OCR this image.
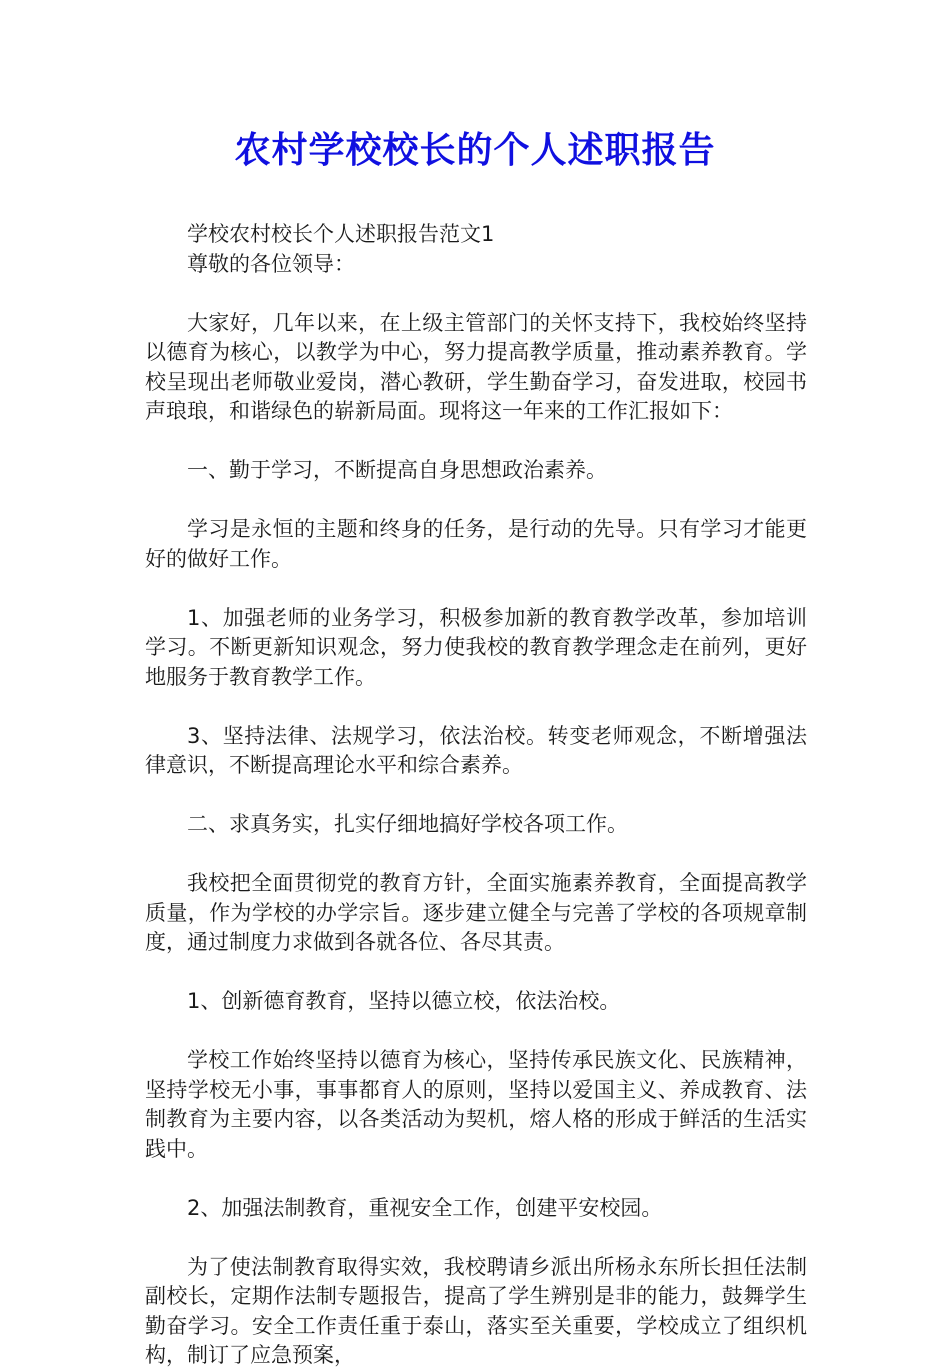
农村学校校长的个人述职报告

学校农村校长个人述职报告范文1

尊敬的各位领导：

大家好，几年以来，在上级主管部门的关怀支持下，我校始终坚持以德育为核心，以教学为中心，努力提高教学质量，推动素养教育。学校呈现出老师敬业爱岗，潜心教研，学生勤奋学习，奋发进取，校园书声琅琅，和谐绿色的崭新局面。现将这一年来的工作汇报如下：

一、勤于学习，不断提高自身思想政治素养。

学习是永恒的主题和终身的任务，是行动的先导。只有学习才能更好的做好工作。

1、加强老师的业务学习，积极参加新的教育教学改革，参加培训学习。不断更新知识观念，努力使我校的教育教学理念走在前列，更好地服务于教育教学工作。

3、坚持法律、法规学习，依法治校。转变老师观念，不断增强法律意识，不断提高理论水平和综合素养。

二、求真务实，扎实仔细地搞好学校各项工作。

我校把全面贯彻党的教育方针，全面实施素养教育，全面提高教学质量，作为学校的办学宗旨。逐步建立健全与完善了学校的各项规章制度，通过制度力求做到各就各位、各尽其责。

1、创新德育教育，坚持以德立校，依法治校。

学校工作始终坚持以德育为核心，坚持传承民族文化、民族精神，坚持学校无小事，事事都育人的原则，坚持以爱国主义、养成教育、法制教育为主要内容，以各类活动为契机，熔人格的形成于鲜活的生活实践中。

2、加强法制教育，重视安全工作，创建平安校园。

为了使法制教育取得实效，我校聘请乡派出所杨永东所长担任法制副校长，定期作法制专题报告，提高了学生辨别是非的能力，鼓舞学生勤奋学习。安全工作责任重于泰山，落实至关重要，学校成立了组织机构，制订了应急预案，
